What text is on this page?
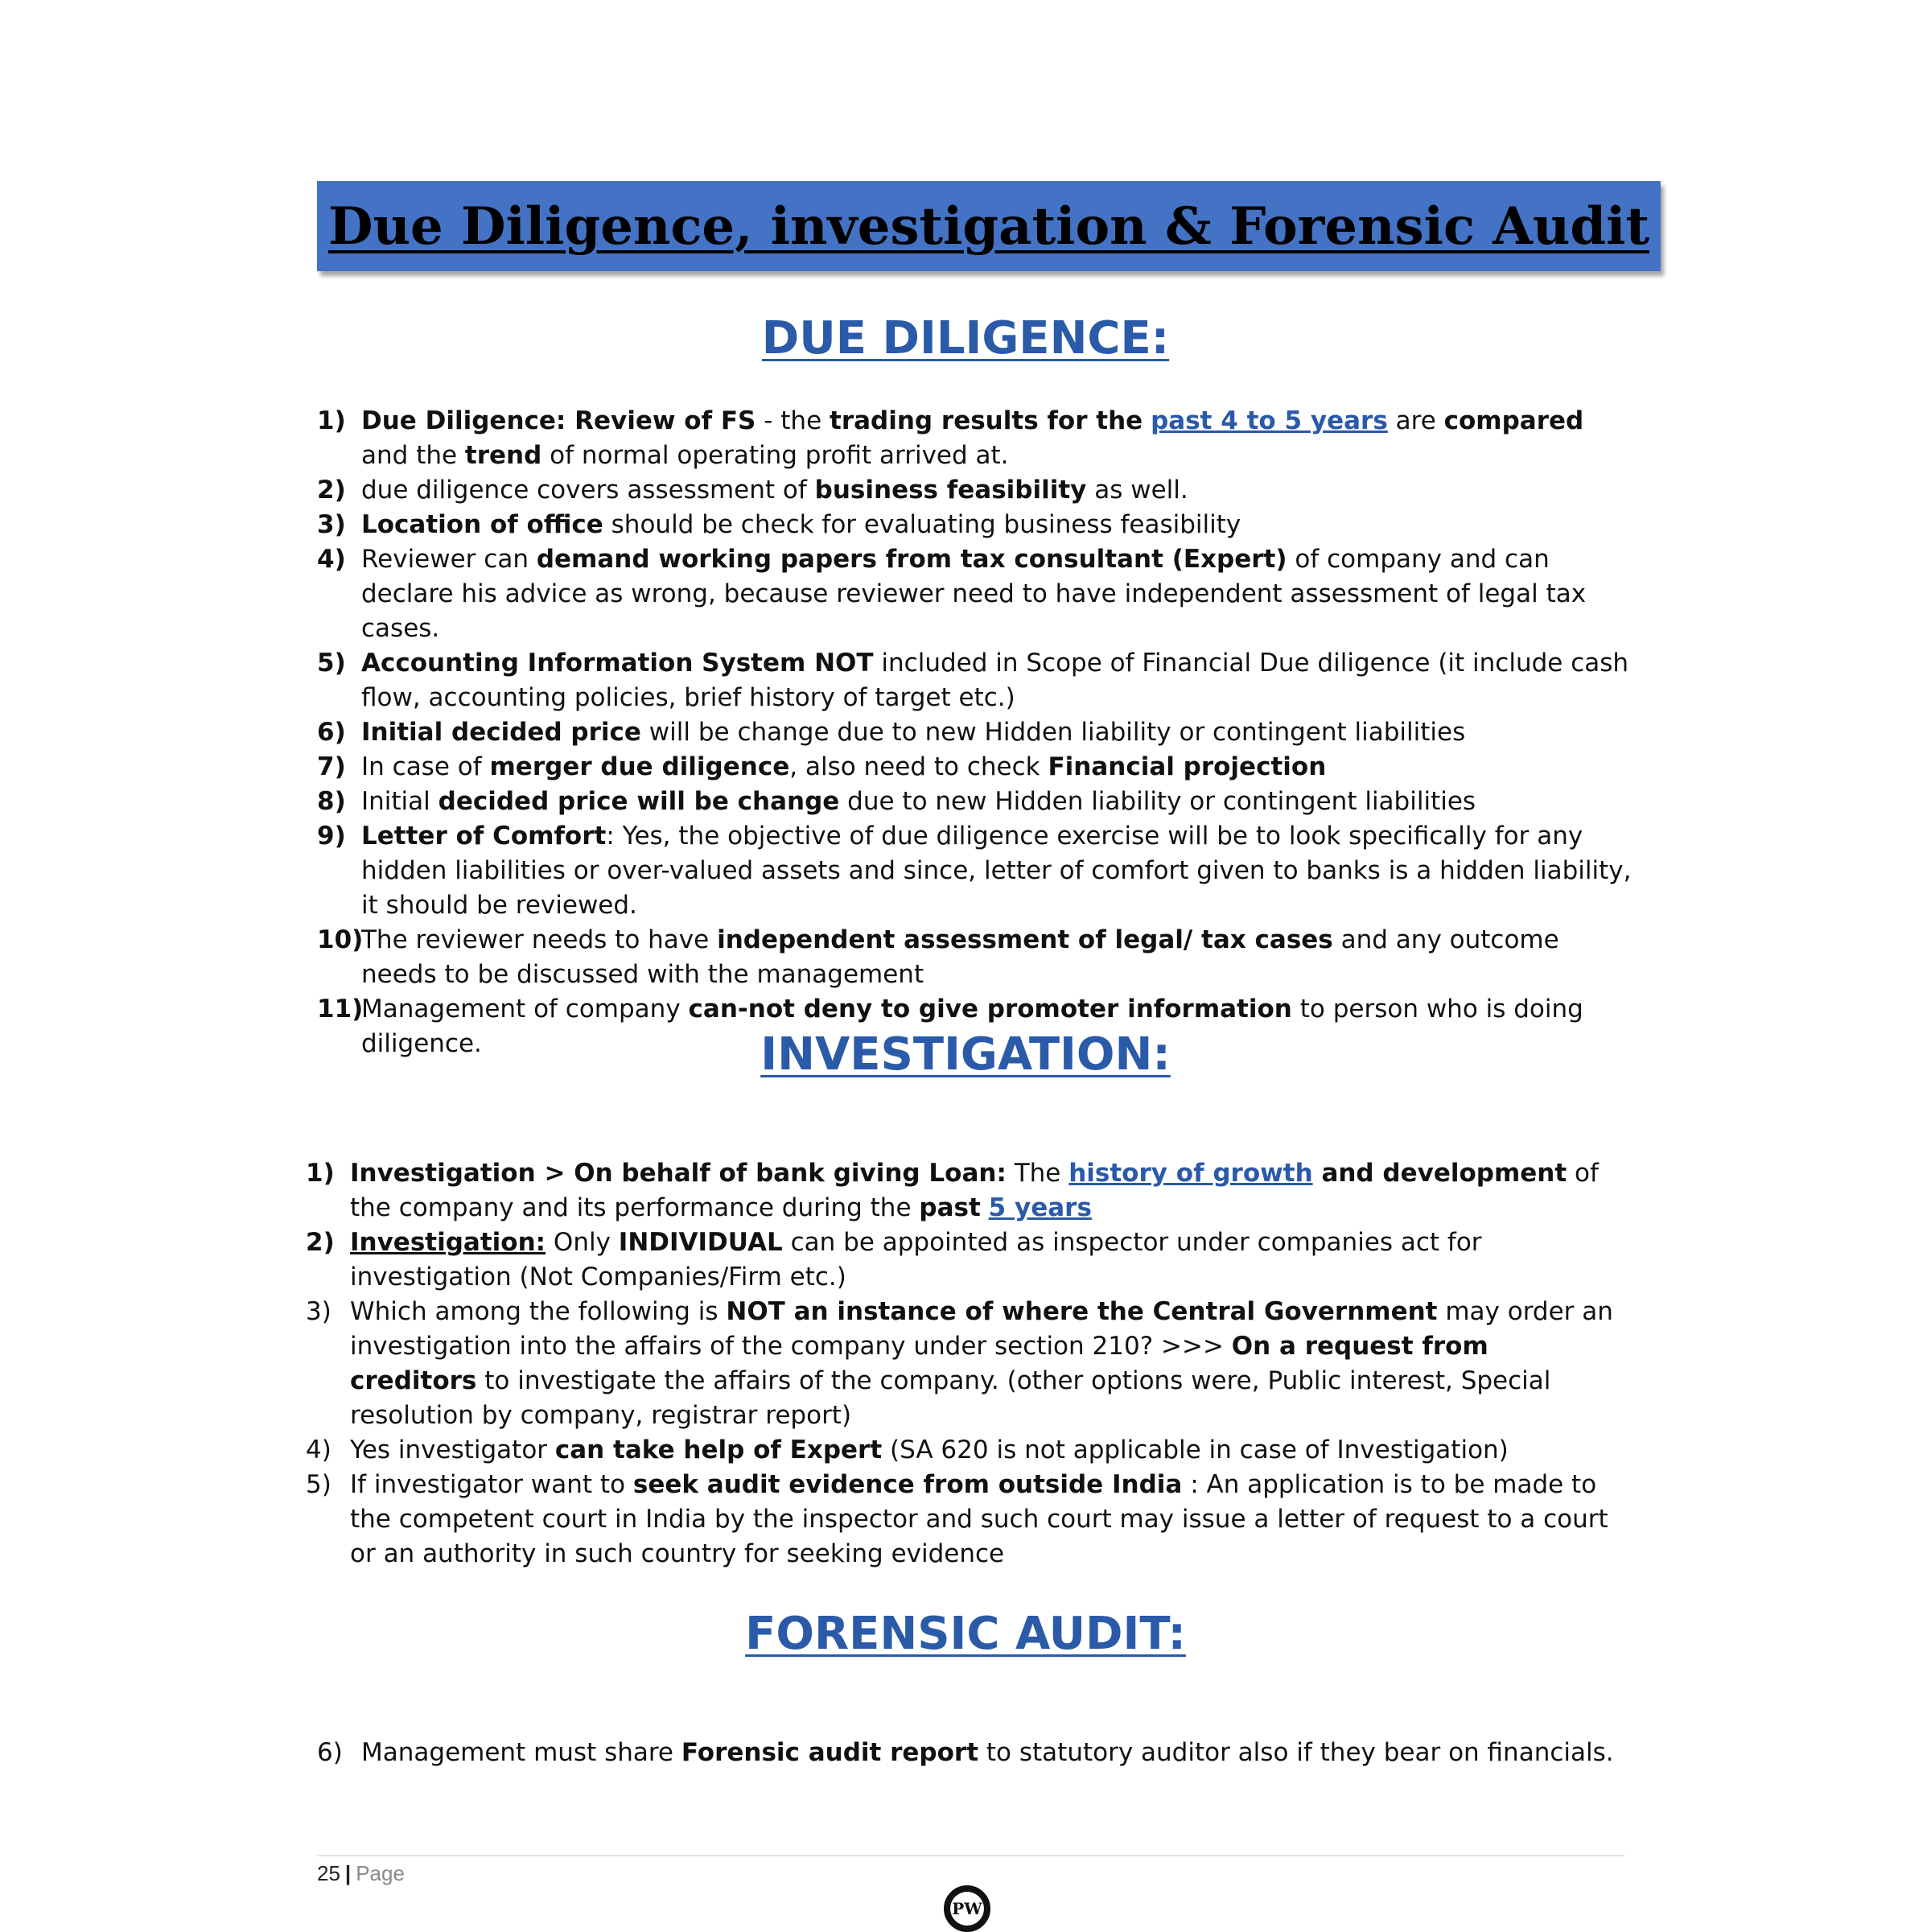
Due Diligence, investigation & Forensic Audit
DUE DILIGENCE:
1) Due Diligence: Review of FS - the trading results for the past 4 to 5 years are compared and the trend of normal operating profit arrived at.
2) due diligence covers assessment of business feasibility as well.
3) Location of office should be check for evaluating business feasibility
4) Reviewer can demand working papers from tax consultant (Expert) of company and can declare his advice as wrong, because reviewer need to have independent assessment of legal tax cases.
5) Accounting Information System NOT included in Scope of Financial Due diligence (it include cash flow, accounting policies, brief history of target etc.)
6) Initial decided price will be change due to new Hidden liability or contingent liabilities
7) In case of merger due diligence, also need to check Financial projection
8) Initial decided price will be change due to new Hidden liability or contingent liabilities
9) Letter of Comfort: Yes, the objective of due diligence exercise will be to look specifically for any hidden liabilities or over-valued assets and since, letter of comfort given to banks is a hidden liability, it should be reviewed.
10)
The reviewer needs to have independent assessment of legal/ tax cases and any outcome needs to be discussed with the management
11)
Management of company can-not deny to give promoter information to person who is doing diligence.	INVESTIGATION:
1) Investigation > On behalf of bank giving Loan: The history of growth and development of the company and its performance during the past 5 years
2) Investigation: Only INDIVIDUAL can be appointed as inspector under companies act for investigation (Not Companies/Firm etc.)
3) Which among the following is NOT an instance of where the Central Government may order an investigation into the affairs of the company under section 210? >>> On a request from creditors to investigate the affairs of the company. (other options were, Public interest, Special resolution by company, registrar report)
4) Yes investigator can take help of Expert (SA 620 is not applicable in case of Investigation)
5) If investigator want to seek audit evidence from outside India : An application is to be made to the competent court in India by the inspector and such court may issue a letter of request to a court or an authority in such country for seeking evidence
FORENSIC AUDIT:
6) Management must share Forensic audit report to statutory auditor also if they bear on financials.
25 | Page
PW
